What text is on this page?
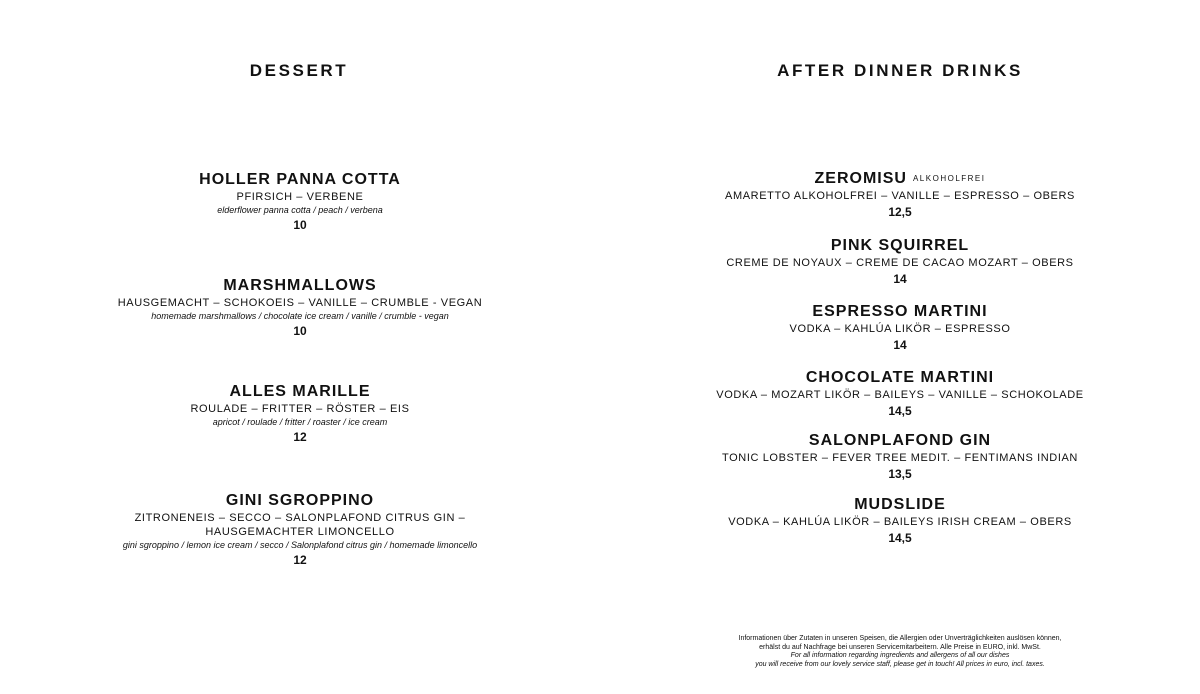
DESSERT
HOLLER PANNA COTTA
PFIRSICH – VERBENE
elderflower panna cotta / peach / verbena
10
MARSHMALLOWS
HAUSGEMACHT – SCHOKOEIS – VANILLE – CRUMBLE - VEGAN
homemade marshmallows / chocolate ice cream / vanille / crumble - vegan
10
ALLES MARILLE
ROULADE – FRITTER – RÖSTER – EIS
apricot / roulade / fritter / roaster / ice cream
12
GINI SGROPPINO
ZITRONENEIS – SECCO – SALONPLAFOND CITRUS GIN –
HAUSGEMACHTER LIMONCELLO
gini sgroppino / lemon ice cream / secco / Salonplafond citrus gin / homemade limoncello
12
AFTER DINNER DRINKS
ZEROMISU ALKOHOLFREI
AMARETTO ALKOHOLFREI – VANILLE – ESPRESSO – OBERS
12,5
PINK SQUIRREL
CREME DE NOYAUX – CREME DE CACAO MOZART – OBERS
14
ESPRESSO MARTINI
VODKA – KAHLÚA LIKÖR – ESPRESSO
14
CHOCOLATE MARTINI
VODKA – MOZART LIKÖR – BAILEYS – VANILLE – SCHOKOLADE
14,5
SALONPLAFOND GIN
TONIC LOBSTER – FEVER TREE MEDIT. – FENTIMANS INDIAN
13,5
MUDSLIDE
VODKA – KAHLÚA LIKÖR – BAILEYS IRISH CREAM – OBERS
14,5
Informationen über Zutaten in unseren Speisen, die Allergien oder Unverträglichkeiten auslösen können,
erhälst du auf Nachfrage bei unseren Servicemitarbeitern. Alle Preise in EURO, inkl. MwSt.
For all information regarding ingredients and allergens of all our dishes
you will receive from our lovely service staff, please get in touch! All prices in euro, incl. taxes.
